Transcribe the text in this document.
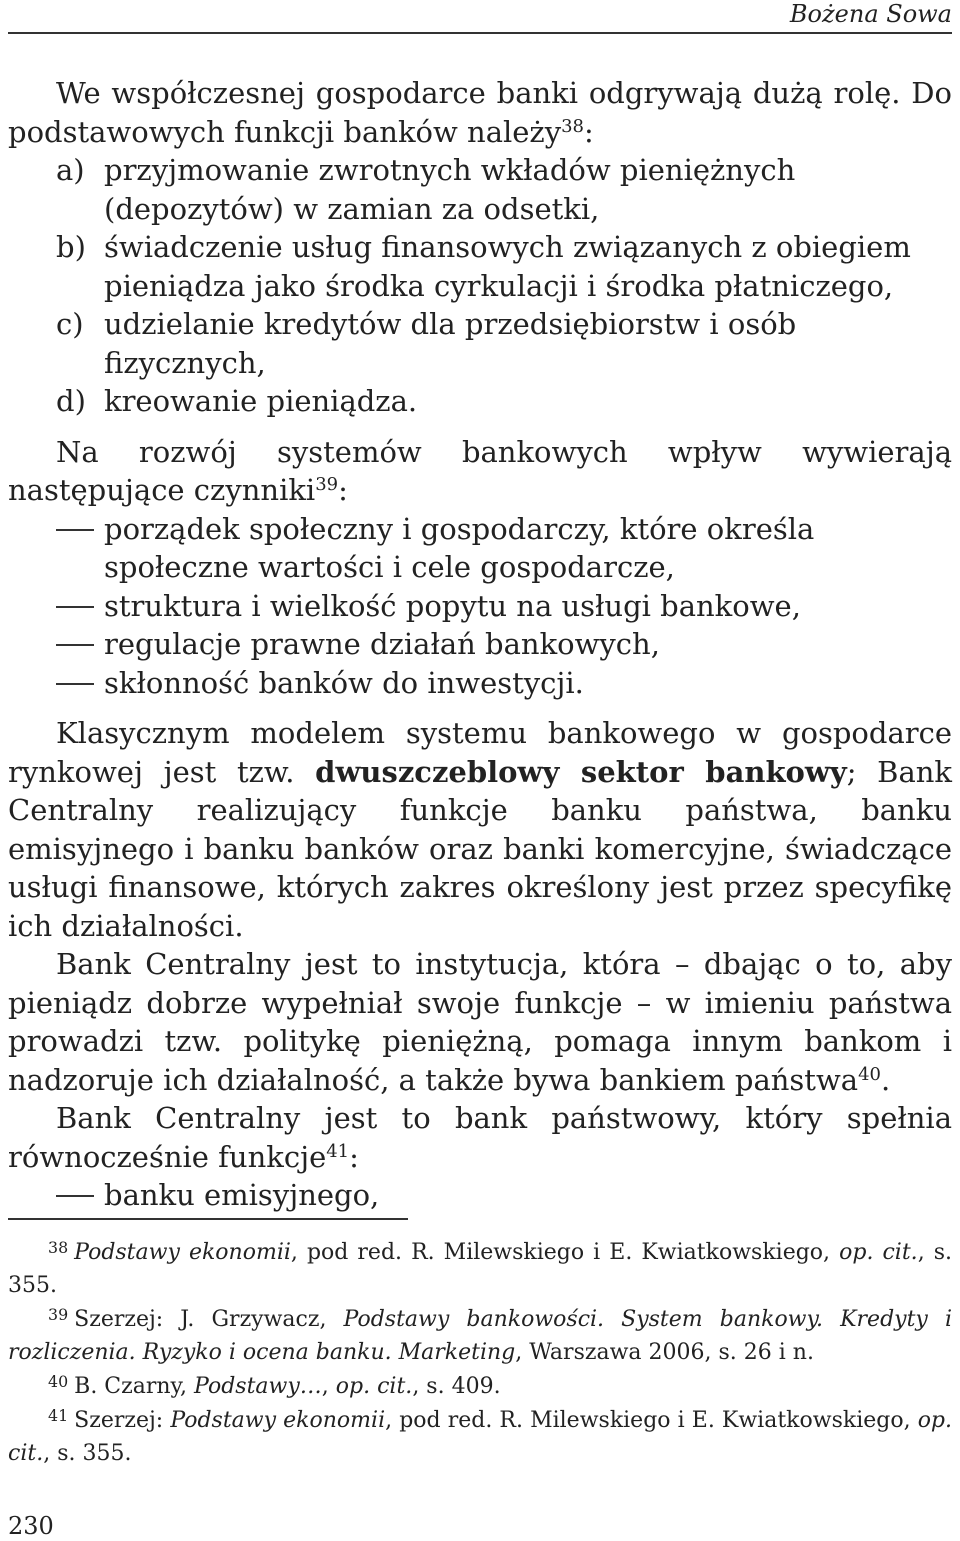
Bożena Sowa

We współczesnej gospodarce banki odgrywają dużą rolę. Do podstawowych funkcji banków należy$^{38}$:

a) przyjmowanie zwrotnych wkładów pieniężnych (depozytów) w zamian za odsetki,
b) świadczenie usług finansowych związanych z obiegiem pieniądza jako środka cyrkulacji i środka płatniczego,
c) udzielanie kredytów dla przedsiębiorstw i osób fizycznych,
d) kreowanie pieniądza.

Na rozwój systemów bankowych wpływ wywierają następujące czynniki$^{39}$:

porządek społeczny i gospodarczy, które określa społeczne wartości i cele gospodarcze,
struktura i wielkość popytu na usługi bankowe,
regulacje prawne działań bankowych,
skłonność banków do inwestycji.

Klasycznym modelem systemu bankowego w gospodarce rynkowej jest tzw. dwuszczeblowy sektor bankowy; Bank Centralny realizujący funkcje banku państwa, banku emisyjnego i banku banków oraz banki komercyjne, świadczące usługi finansowe, których zakres określony jest przez specyfikę ich działalności.

Bank Centralny jest to instytucja, która – dbając o to, aby pieniądz dobrze wypełniał swoje funkcje – w imieniu państwa prowadzi tzw. politykę pieniężną, pomaga innym bankom i nadzoruje ich działalność, a także bywa bankiem państwa$^{40}$.

Bank Centralny jest to bank państwowy, który spełnia równocześnie funkcje$^{41}$:

banku emisyjnego,

$^{38}$ Podstawy ekonomii, pod red. R. Milewskiego i E. Kwiatkowskiego, op. cit., s. 355.

$^{39}$ Szerzej: J. Grzywacz, Podstawy bankowości. System bankowy. Kredyty i rozliczenia. Ryzyko i ocena banku. Marketing, Warszawa 2006, s. 26 i n.

$^{40}$ B. Czarny, Podstawy…, op. cit., s. 409.

$^{41}$ Szerzej: Podstawy ekonomii, pod red. R. Milewskiego i E. Kwiatkowskiego, op. cit., s. 355.

230
